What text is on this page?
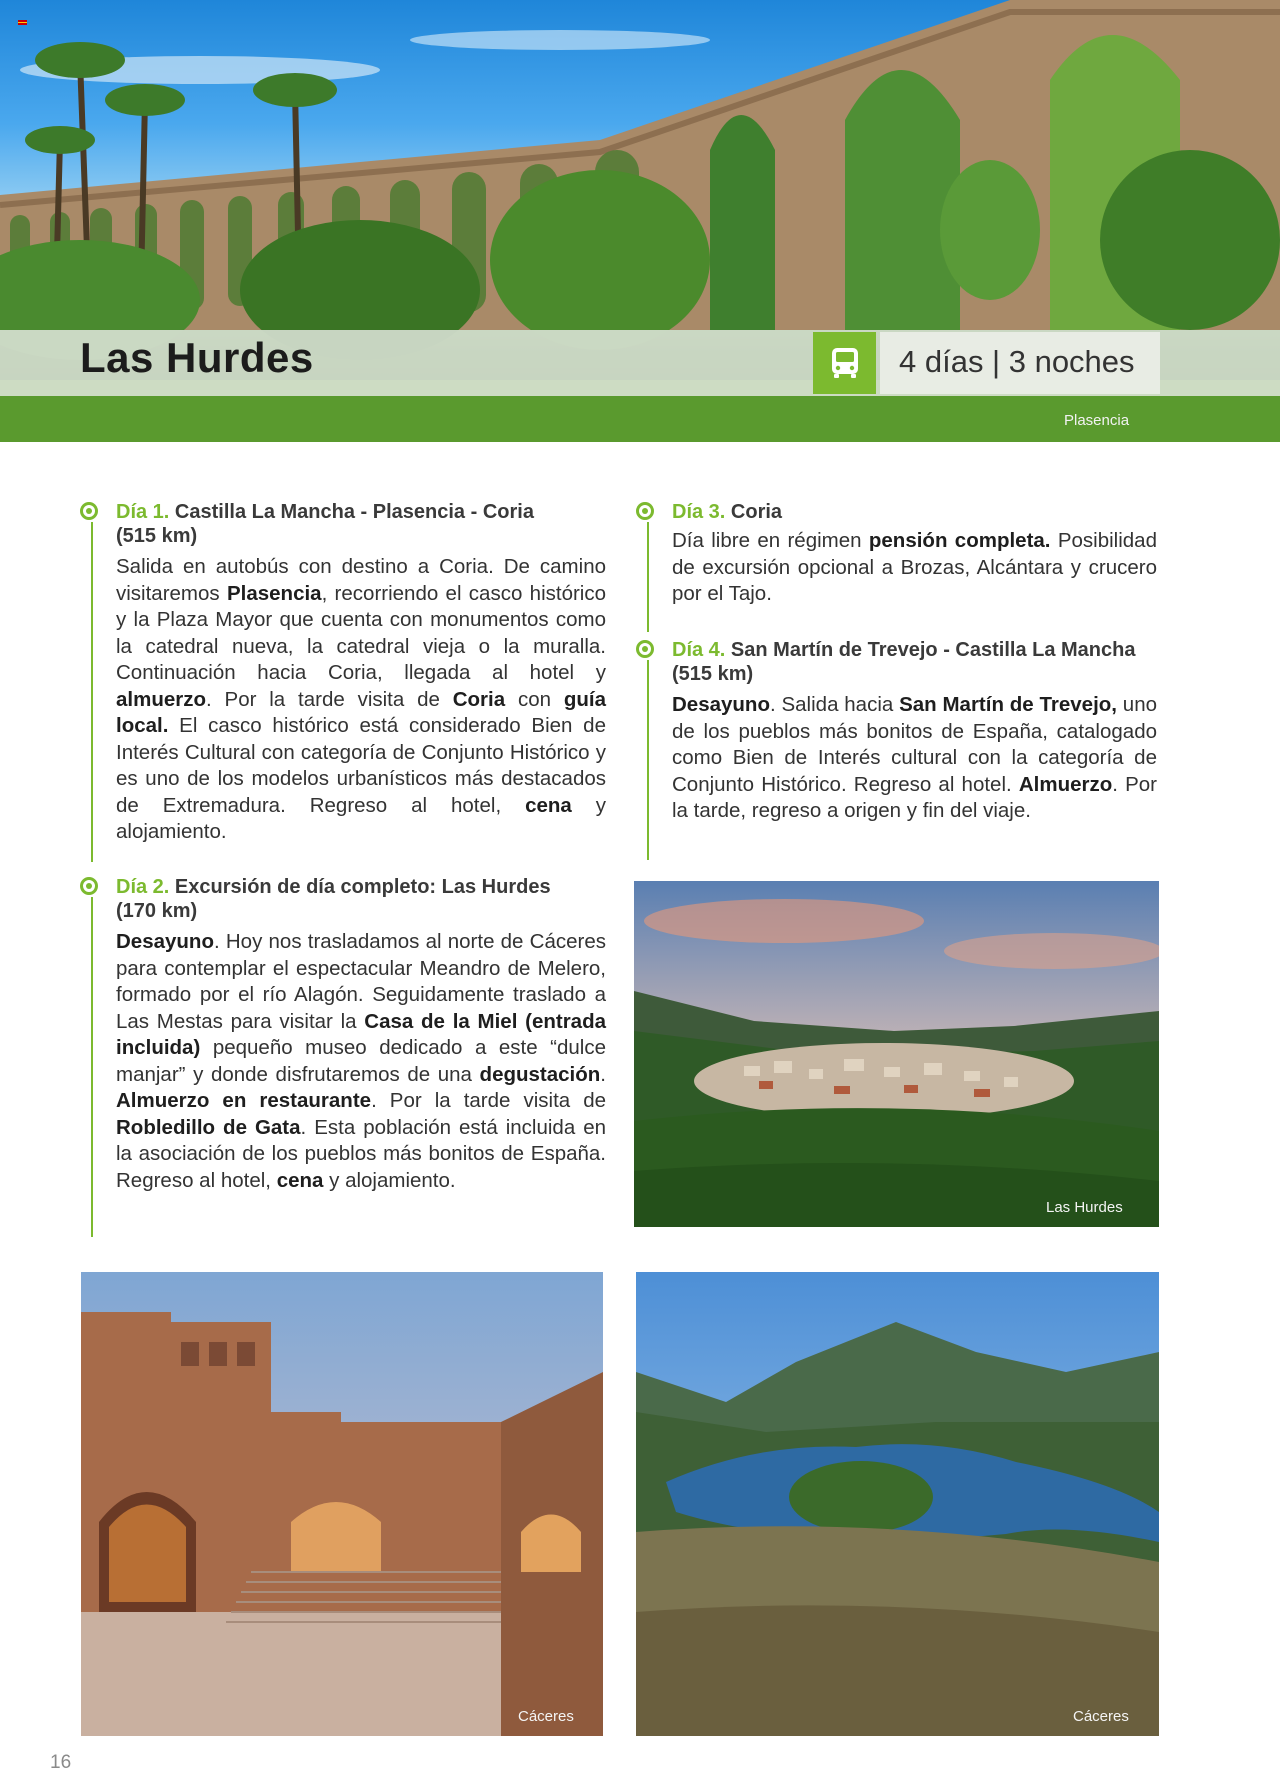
Las Hurdes	4 días | 3 noches
Plasencia
Día 1. Castilla La Mancha - Plasencia - Coria
(515 km)
Salida en autobús con destino a Coria. De camino visitaremos Plasencia, recorriendo el casco histórico y la Plaza Mayor que cuenta con monumentos como la catedral nueva, la catedral vieja o la muralla. Continuación hacia Coria, llegada al hotel y almuerzo. Por la tarde visita de Coria con guía local. El casco histórico está considerado Bien de Interés Cultural con categoría de Conjunto Histórico y es uno de los modelos urbanísticos más destacados de Extremadura. Regreso al hotel, cena y alojamiento.
Día 2. Excursión de día completo: Las Hurdes
(170 km)
Desayuno. Hoy nos trasladamos al norte de Cáceres para contemplar el espectacular Meandro de Melero, formado por el río Alagón. Seguidamente traslado a Las Mestas para visitar la Casa de la Miel (entrada incluida) pequeño museo dedicado a este “dulce manjar” y donde disfrutaremos de una degustación. Almuerzo en restaurante. Por la tarde visita de Robledillo de Gata. Esta población está incluida en la asociación de los pueblos más bonitos de España. Regreso al hotel, cena y alojamiento.
Día 3. Coria
Día libre en régimen pensión completa. Posibilidad de excursión opcional a Brozas, Alcántara y crucero por el Tajo.
Día 4. San Martín de Trevejo - Castilla La Mancha
(515 km)
Desayuno. Salida hacia San Martín de Trevejo, uno de los pueblos más bonitos de España, catalogado como Bien de Interés cultural con la categoría de Conjunto Histórico. Regreso al hotel. Almuerzo. Por la tarde, regreso a origen y fin del viaje.
Las Hurdes
Cáceres	Cáceres
16
